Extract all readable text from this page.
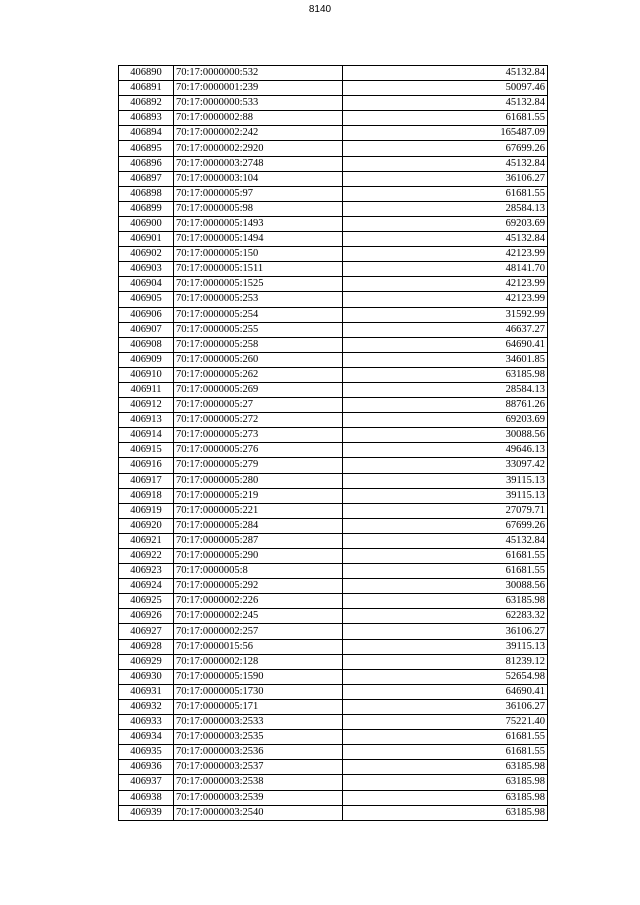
8140
406890	70:17:0000000:532	45132.84
406891	70:17:0000001:239	50097.46
406892	70:17:0000000:533	45132.84
406893	70:17:0000002:88	61681.55
406894	70:17:0000002:242	165487.09
406895	70:17:0000002:2920	67699.26
406896	70:17:0000003:2748	45132.84
406897	70:17:0000003:104	36106.27
406898	70:17:0000005:97	61681.55
406899	70:17:0000005:98	28584.13
406900	70:17:0000005:1493	69203.69
406901	70:17:0000005:1494	45132.84
406902	70:17:0000005:150	42123.99
406903	70:17:0000005:1511	48141.70
406904	70:17:0000005:1525	42123.99
406905	70:17:0000005:253	42123.99
406906	70:17:0000005:254	31592.99
406907	70:17:0000005:255	46637.27
406908	70:17:0000005:258	64690.41
406909	70:17:0000005:260	34601.85
406910	70:17:0000005:262	63185.98
406911	70:17:0000005:269	28584.13
406912	70:17:0000005:27	88761.26
406913	70:17:0000005:272	69203.69
406914	70:17:0000005:273	30088.56
406915	70:17:0000005:276	49646.13
406916	70:17:0000005:279	33097.42
406917	70:17:0000005:280	39115.13
406918	70:17:0000005:219	39115.13
406919	70:17:0000005:221	27079.71
406920	70:17:0000005:284	67699.26
406921	70:17:0000005:287	45132.84
406922	70:17:0000005:290	61681.55
406923	70:17:0000005:8	61681.55
406924	70:17:0000005:292	30088.56
406925	70:17:0000002:226	63185.98
406926	70:17:0000002:245	62283.32
406927	70:17:0000002:257	36106.27
406928	70:17:0000015:56	39115.13
406929	70:17:0000002:128	81239.12
406930	70:17:0000005:1590	52654.98
406931	70:17:0000005:1730	64690.41
406932	70:17:0000005:171	36106.27
406933	70:17:0000003:2533	75221.40
406934	70:17:0000003:2535	61681.55
406935	70:17:0000003:2536	61681.55
406936	70:17:0000003:2537	63185.98
406937	70:17:0000003:2538	63185.98
406938	70:17:0000003:2539	63185.98
406939	70:17:0000003:2540	63185.98
